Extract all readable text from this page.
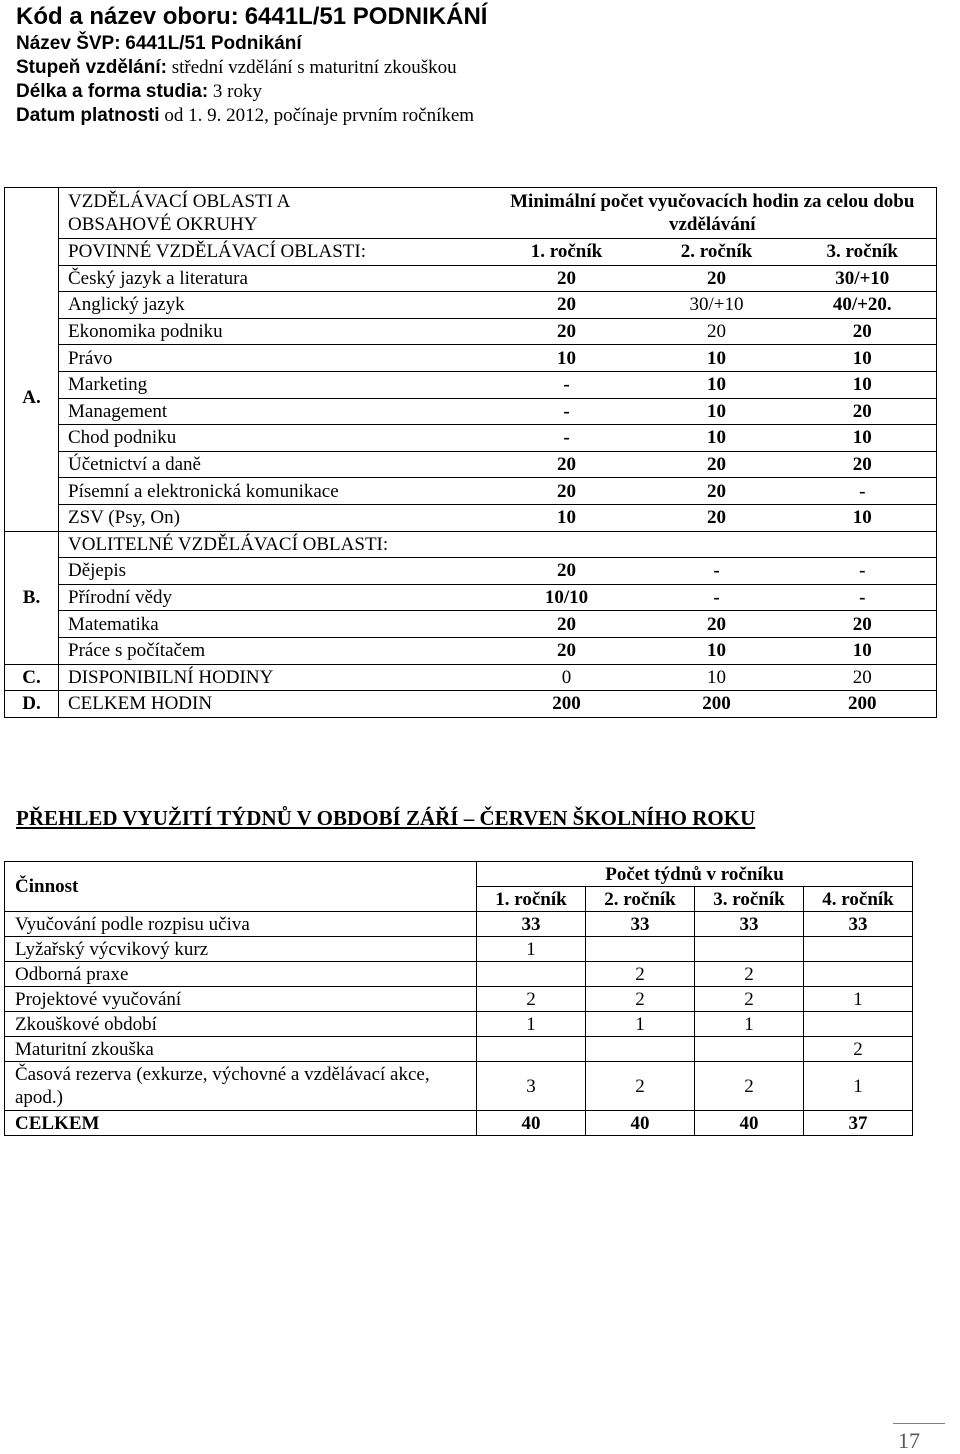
Kód a název oboru: 6441L/51 PODNIKÁNÍ
Název ŠVP: 6441L/51 Podnikání
Stupeň vzdělání: střední vzdělání s maturitní zkouškou
Délka a forma studia: 3 roky
Datum platnosti od 1. 9. 2012, počínaje prvním ročníkem
	VZDĚLÁVACÍ OBLASTI A OBSAHOVÉ OKRUHY	Minimální počet vyučovacích hodin za celou dobu vzdělávání		
	POVINNÉ VZDĚLÁVACÍ OBLASTI:	1. ročník	2. ročník	3. ročník
A.	Český jazyk a literatura	20	20	30/+10
	Anglický jazyk	20	30/+10	40/+20.
	Ekonomika podniku	20	20	20
	Právo	10	10	10
	Marketing	-	10	10
	Management	-	10	20
	Chod podniku	-	10	10
	Účetnictví a daně	20	20	20
	Písemní a elektronická komunikace	20	20	-
	ZSV (Psy, On)	10	20	10
B.	VOLITELNÉ VZDĚLÁVACÍ OBLASTI:			
	Dějepis	20	-	-
	Přírodní vědy	10/10	-	-
	Matematika	20	20	20
	Práce s počítačem	20	10	10
C.	DISPONIBILNÍ HODINY	0	10	20
D.	CELKEM HODIN	200	200	200
PŘEHLED VYUŽITÍ TÝDNŮ V OBDOBÍ ZÁŘÍ – ČERVEN ŠKOLNÍHO ROKU
Činnost	Počet týdnů v ročníku			
	1. ročník	2. ročník	3. ročník	4. ročník
Vyučování podle rozpisu učiva	33	33	33	33
Lyžařský výcvikový kurz	1			
Odborná praxe		2	2	
Projektové vyučování	2	2	2	1
Zkouškové období	1	1	1	
Maturitní zkouška				2
Časová rezerva (exkurze, výchovné a vzdělávací akce, apod.)	3	2	2	1
CELKEM	40	40	40	37
17
